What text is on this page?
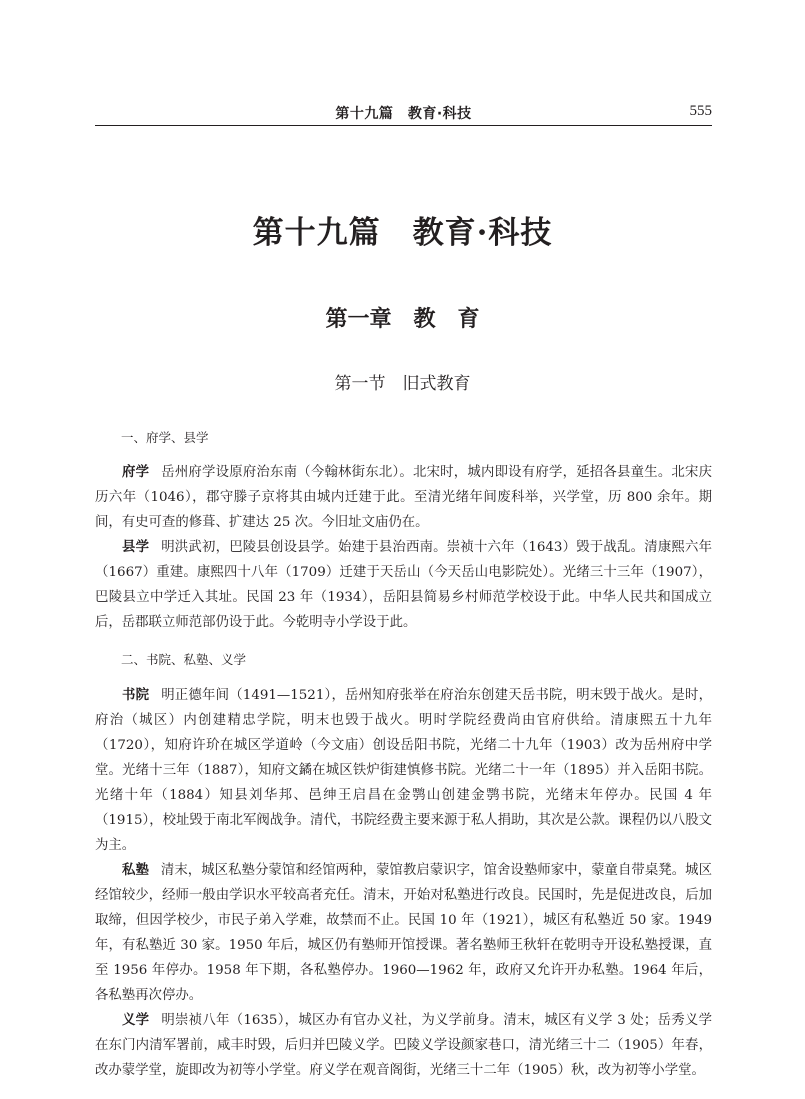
第十九篇　教育·科技	555
第十九篇　教育·科技
第一章　教　育
第一节　旧式教育

一、府学、县学

府学 岳州府学设原府治东南（今翰林街东北）。北宋时，城内即设有府学，延招各县童生。北宋庆历六年（1046），郡守滕子京将其由城内迁建于此。至清光绪年间废科举，兴学堂，历 800 余年。期间，有史可查的修葺、扩建达 25 次。今旧址文庙仍在。

县学 明洪武初，巴陵县创设县学。始建于县治西南。崇祯十六年（1643）毁于战乱。清康熙六年（1667）重建。康熙四十八年（1709）迁建于天岳山（今天岳山电影院处）。光绪三十三年（1907），巴陵县立中学迁入其址。民国 23 年（1934），岳阳县简易乡村师范学校设于此。中华人民共和国成立后，岳郡联立师范部仍设于此。今乾明寺小学设于此。

二、书院、私塾、义学

书院 明正德年间（1491—1521），岳州知府张举在府治东创建天岳书院，明末毁于战火。是时，府治（城区）内创建精忠学院，明末也毁于战火。明时学院经费尚由官府供给。清康熙五十九年（1720），知府许玠在城区学道岭（今文庙）创设岳阳书院，光绪二十九年（1903）改为岳州府中学堂。光绪十三年（1887），知府文鐍在城区铁炉街建慎修书院。光绪二十一年（1895）并入岳阳书院。光绪十年（1884）知县刘华邦、邑绅王启昌在金鹗山创建金鹗书院，光绪末年停办。民国 4 年（1915），校址毁于南北军阀战争。清代，书院经费主要来源于私人捐助，其次是公款。课程仍以八股文为主。

私塾 清末，城区私塾分蒙馆和经馆两种，蒙馆教启蒙识字，馆舍设塾师家中，蒙童自带桌凳。城区经馆较少，经师一般由学识水平较高者充任。清末，开始对私塾进行改良。民国时，先是促进改良，后加取缔，但因学校少，市民子弟入学难，故禁而不止。民国 10 年（1921），城区有私塾近 50 家。1949 年，有私塾近 30 家。1950 年后，城区仍有塾师开馆授课。著名塾师王秋轩在乾明寺开设私塾授课，直至 1956 年停办。1958 年下期，各私塾停办。1960—1962 年，政府又允许开办私塾。1964 年后，各私塾再次停办。

义学 明崇祯八年（1635），城区办有官办义社，为义学前身。清末，城区有义学 3 处；岳秀义学在东门内清军署前，咸丰时毁，后归并巴陵义学。巴陵义学设颜家巷口，清光绪三十二（1905）年春，改办蒙学堂，旋即改为初等小学堂。府义学在观音阁街，光绪三十二年（1905）秋，改为初等小学堂。
